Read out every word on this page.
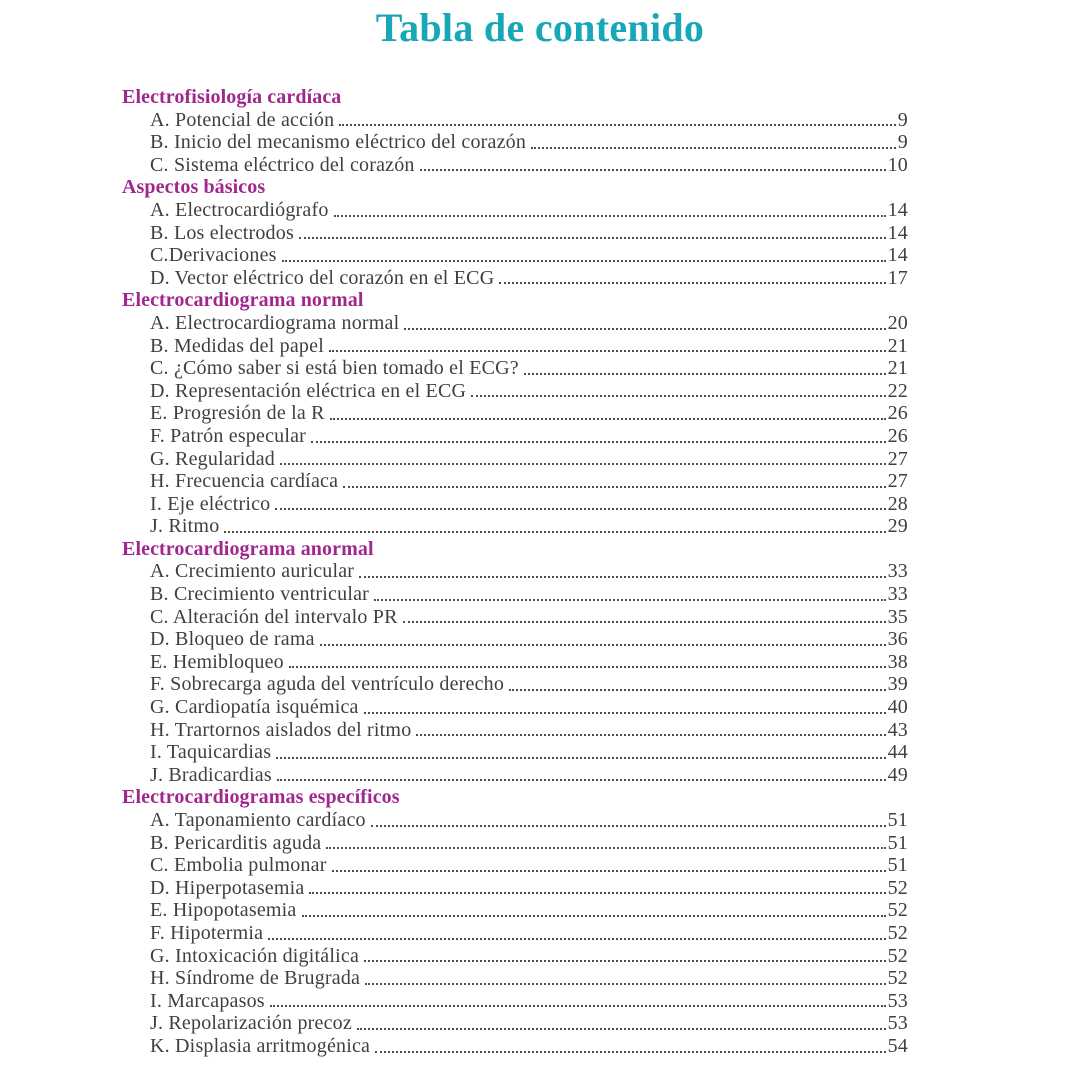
Tabla de contenido
Electrofisiología cardíaca
A. Potencial de acción	9
B. Inicio del mecanismo eléctrico del corazón	9
C. Sistema eléctrico del corazón	10
Aspectos básicos
A. Electrocardiógrafo	14
B. Los electrodos	14
C.Derivaciones	14
D. Vector eléctrico del corazón en el ECG	17
Electrocardiograma normal
A. Electrocardiograma normal	20
B. Medidas del papel	21
C. ¿Cómo saber si está bien tomado el ECG?	21
D. Representación eléctrica en el ECG	22
E. Progresión de la R	26
F. Patrón especular	26
G. Regularidad	27
H. Frecuencia cardíaca	27
I. Eje eléctrico	28
J. Ritmo	29
Electrocardiograma anormal
A. Crecimiento auricular	33
B. Crecimiento ventricular	33
C. Alteración del intervalo PR	35
D. Bloqueo de rama	36
E. Hemibloqueo	38
F. Sobrecarga aguda del ventrículo derecho	39
G. Cardiopatía isquémica	40
H. Trartornos aislados del ritmo	43
I. Taquicardias	44
J. Bradicardias	49
Electrocardiogramas específicos
A. Taponamiento cardíaco	51
B. Pericarditis aguda	51
C. Embolia pulmonar	51
D. Hiperpotasemia	52
E. Hipopotasemia	52
F. Hipotermia	52
G. Intoxicación digitálica	52
H. Síndrome de Brugrada	52
I. Marcapasos	53
J. Repolarización precoz	53
K. Displasia arritmogénica	54
